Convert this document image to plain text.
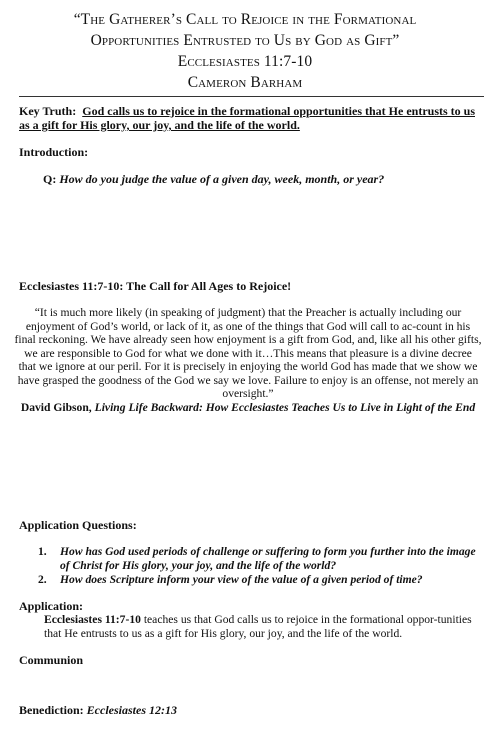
“The Gatherer’s Call to Rejoice in the Formational
Opportunities Entrusted to Us by God as Gift”
Ecclesiastes 11:7-10
Cameron Barham
Key Truth: God calls us to rejoice in the formational opportunities that He entrusts to us as a gift for His glory, our joy, and the life of the world.
Introduction:
Q: How do you judge the value of a given day, week, month, or year?
Ecclesiastes 11:7-10: The Call for All Ages to Rejoice!
“It is much more likely (in speaking of judgment) that the Preacher is actually including our enjoyment of God’s world, or lack of it, as one of the things that God will call to ac-count in his final reckoning. We have already seen how enjoyment is a gift from God, and, like all his other gifts, we are responsible to God for what we done with it…This means that pleasure is a divine decree that we ignore at our peril. For it is precisely in enjoying the world God has made that we show we have grasped the goodness of the God we say we love. Failure to enjoy is an offense, not merely an oversight.”
David Gibson, Living Life Backward: How Ecclesiastes Teaches Us to Live in Light of the End
Application Questions:
1.	How has God used periods of challenge or suffering to form you further into the image of Christ for His glory, your joy, and the life of the world?
2.	How does Scripture inform your view of the value of a given period of time?
Application:
Ecclesiastes 11:7-10 teaches us that God calls us to rejoice in the formational oppor-tunities that He entrusts to us as a gift for His glory, our joy, and the life of the world.
Communion
Benediction: Ecclesiastes 12:13
